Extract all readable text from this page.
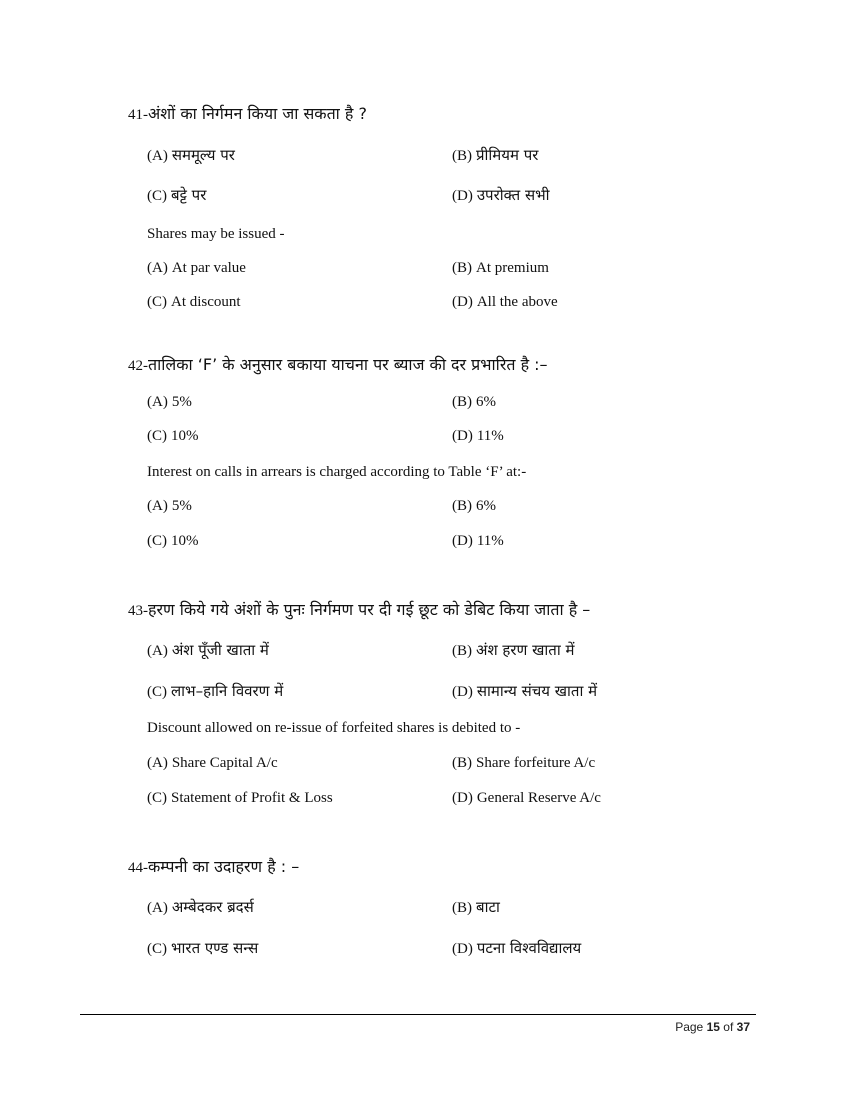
41-अंशों का निर्गमन किया जा सकता है ?
(A) सममूल्य पर	(B) प्रीमियम पर
(C) बट्टे पर	(D) उपरोक्त सभी
Shares may be issued -
(A) At par value	(B) At premium
(C) At discount	(D) All the above
42-तालिका ‘F’ के अनुसार बकाया याचना पर ब्याज की दर प्रभारित है :–
(A) 5%	(B) 6%
(C) 10%	(D) 11%
Interest on calls in arrears is charged according to Table ‘F’ at:-
(A) 5%	(B) 6%
(C) 10%	(D) 11%
43-हरण किये गये अंशों के पुनः निर्गमण पर दी गई छूट को डेबिट किया जाता है –
(A) अंश पूँजी खाता में	(B) अंश हरण खाता में
(C) लाभ–हानि विवरण में	(D) सामान्य संचय खाता में
Discount allowed on re-issue of forfeited shares is debited to -
(A) Share Capital A/c	(B) Share forfeiture A/c
(C) Statement of Profit & Loss	(D) General Reserve A/c
44-कम्पनी का उदाहरण है : –
(A) अम्बेदकर ब्रदर्स	(B) बाटा
(C) भारत एण्ड सन्स	(D) पटना विश्वविद्यालय
Page 15 of 37
